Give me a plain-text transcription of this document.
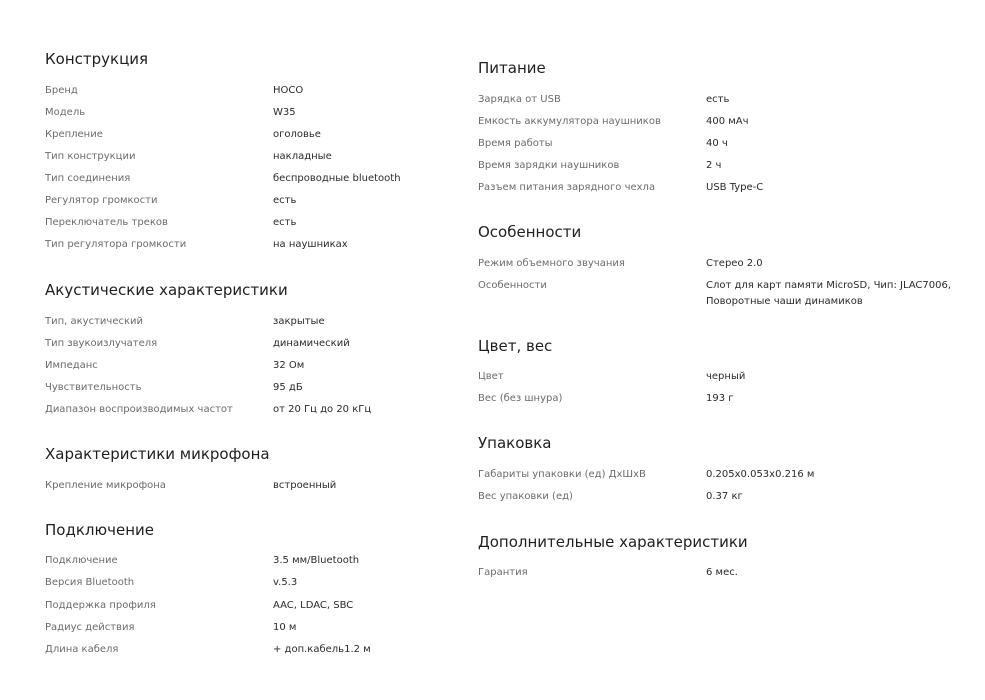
Конструкция
Бренд	HOCO
Модель	W35
Крепление	оголовье
Тип конструкции	накладные
Тип соединения	беспроводные bluetooth
Регулятор громкости	есть
Переключатель треков	есть
Тип регулятора громкости	на наушниках
Акустические характеристики
Тип, акустический	закрытые
Тип звукоизлучателя	динамический
Импеданс	32 Ом
Чувствительность	95 дБ
Диапазон воспроизводимых частот	от 20 Гц до 20 кГц
Характеристики микрофона
Крепление микрофона	встроенный
Подключение
Подключение	3.5 мм/Bluetooth
Версия Bluetooth	v.5.3
Поддержка профиля	AAC, LDAC, SBC
Радиус действия	10 м
Длина кабеля	+ доп.кабель1.2 м
Питание
Зарядка от USB	есть
Емкость аккумулятора наушников	400 мАч
Время работы	40 ч
Время зарядки наушников	2 ч
Разъем питания зарядного чехла	USB Type-C
Особенности
Режим объемного звучания	Стерео 2.0
Особенности	Слот для карт памяти MicroSD, Чип: JLAC7006, Поворотные чаши динамиков
Цвет, вес
Цвет	черный
Вес (без шнура)	193 г
Упаковка
Габариты упаковки (ед) ДxШxВ	0.205x0.053x0.216 м
Вес упаковки (ед)	0.37 кг
Дополнительные характеристики
Гарантия	6 мес.
